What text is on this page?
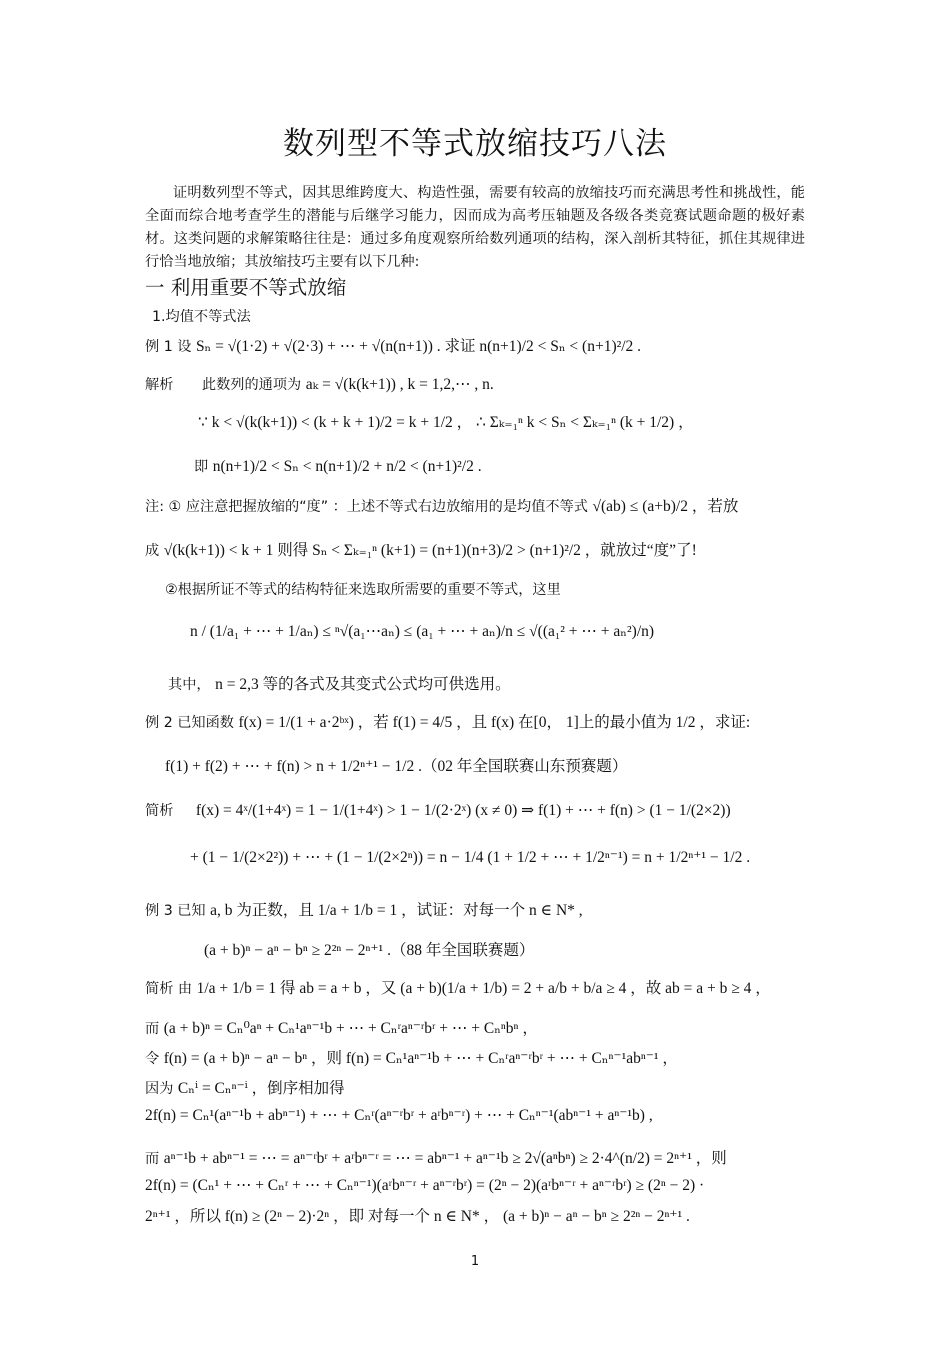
数列型不等式放缩技巧八法
证明数列型不等式，因其思维跨度大、构造性强，需要有较高的放缩技巧而充满思考性和挑战性，能全面而综合地考查学生的潜能与后继学习能力，因而成为高考压轴题及各级各类竞赛试题命题的极好素材。这类问题的求解策略往往是：通过多角度观察所给数列通项的结构，深入剖析其特征，抓住其规律进行恰当地放缩；其放缩技巧主要有以下几种:
一 利用重要不等式放缩
1.均值不等式法
例 1 设 Sₙ = √(1·2) + √(2·3) + ⋯ + √(n(n+1)) . 求证 n(n+1)/2 < Sₙ < (n+1)²/2 .
解析 此数列的通项为 aₖ = √(k(k+1)) , k = 1,2,⋯ , n.
∵ k < √(k(k+1)) < (k + k + 1)/2 = k + 1/2 ， ∴ Σₖ₌₁ⁿ k < Sₙ < Σₖ₌₁ⁿ (k + 1/2) ，
即 n(n+1)/2 < Sₙ < n(n+1)/2 + n/2 < (n+1)²/2 .
注: ① 应注意把握放缩的“度” ：上述不等式右边放缩用的是均值不等式 √(ab) ≤ (a+b)/2 ，若放
成 √(k(k+1)) < k + 1 则得 Sₙ < Σₖ₌₁ⁿ (k+1) = (n+1)(n+3)/2 > (n+1)²/2 ，就放过“度”了!
②根据所证不等式的结构特征来选取所需要的重要不等式，这里
n / (1/a₁ + ⋯ + 1/aₙ) ≤ ⁿ√(a₁⋯aₙ) ≤ (a₁ + ⋯ + aₙ)/n ≤ √((a₁² + ⋯ + aₙ²)/n)
其中， n = 2,3 等的各式及其变式公式均可供选用。
例 2 已知函数 f(x) = 1/(1 + a·2ᵇˣ) ，若 f(1) = 4/5 ，且 f(x) 在[0， 1]上的最小值为 1/2 ，求证:
f(1) + f(2) + ⋯ + f(n) > n + 1/2ⁿ⁺¹ − 1/2 .（02 年全国联赛山东预赛题）
简析 f(x) = 4ˣ/(1+4ˣ) = 1 − 1/(1+4ˣ) > 1 − 1/(2·2ˣ) (x ≠ 0) ⇒ f(1) + ⋯ + f(n) > (1 − 1/(2×2))
+ (1 − 1/(2×2²)) + ⋯ + (1 − 1/(2×2ⁿ)) = n − 1/4 (1 + 1/2 + ⋯ + 1/2ⁿ⁻¹) = n + 1/2ⁿ⁺¹ − 1/2 .
例 3 已知 a, b 为正数，且 1/a + 1/b = 1 ，试证：对每一个 n ∈ N* ,
(a + b)ⁿ − aⁿ − bⁿ ≥ 2²ⁿ − 2ⁿ⁺¹ .（88 年全国联赛题）
简析 由 1/a + 1/b = 1 得 ab = a + b ，又 (a + b)(1/a + 1/b) = 2 + a/b + b/a ≥ 4 ，故 ab = a + b ≥ 4 ，
而 (a + b)ⁿ = Cₙ⁰aⁿ + Cₙ¹aⁿ⁻¹b + ⋯ + Cₙʳaⁿ⁻ʳbʳ + ⋯ + Cₙⁿbⁿ ，
令 f(n) = (a + b)ⁿ − aⁿ − bⁿ ，则 f(n) = Cₙ¹aⁿ⁻¹b + ⋯ + Cₙʳaⁿ⁻ʳbʳ + ⋯ + Cₙⁿ⁻¹abⁿ⁻¹ ，
因为 Cₙⁱ = Cₙⁿ⁻ⁱ ，倒序相加得
2f(n) = Cₙ¹(aⁿ⁻¹b + abⁿ⁻¹) + ⋯ + Cₙʳ(aⁿ⁻ʳbʳ + aʳbⁿ⁻ʳ) + ⋯ + Cₙⁿ⁻¹(abⁿ⁻¹ + aⁿ⁻¹b) ,
而 aⁿ⁻¹b + abⁿ⁻¹ = ⋯ = aⁿ⁻ʳbʳ + aʳbⁿ⁻ʳ = ⋯ = abⁿ⁻¹ + aⁿ⁻¹b ≥ 2√(aⁿbⁿ) ≥ 2·4^(n/2) = 2ⁿ⁺¹ ，则
2f(n) = (Cₙ¹ + ⋯ + Cₙʳ + ⋯ + Cₙⁿ⁻¹)(aʳbⁿ⁻ʳ + aⁿ⁻ʳbʳ) = (2ⁿ − 2)(aʳbⁿ⁻ʳ + aⁿ⁻ʳbʳ) ≥ (2ⁿ − 2) ·
2ⁿ⁺¹ ，所以 f(n) ≥ (2ⁿ − 2)·2ⁿ ，即 对每一个 n ∈ N* ， (a + b)ⁿ − aⁿ − bⁿ ≥ 2²ⁿ − 2ⁿ⁺¹ .
1
